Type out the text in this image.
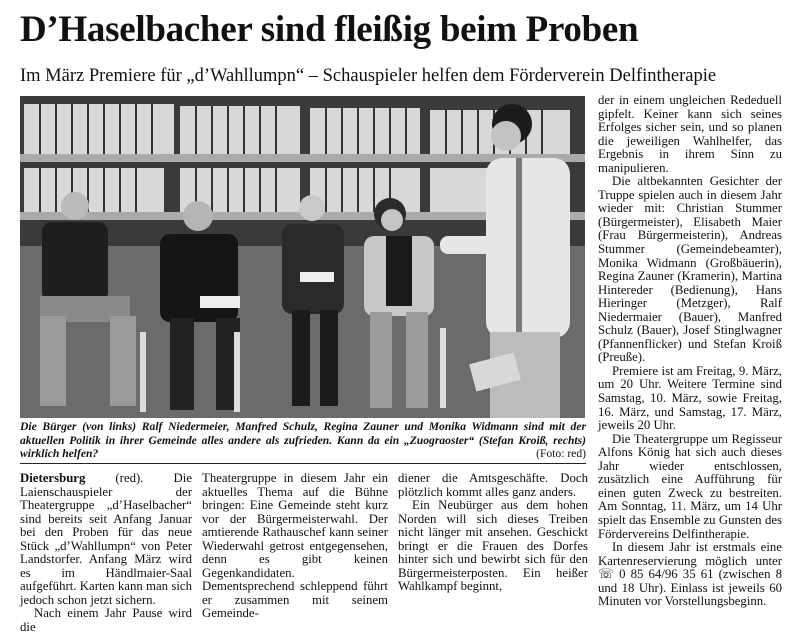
D’Haselbacher sind fleißig beim Proben
Im März Premiere für „d’Wahllumpn“ – Schauspieler helfen dem Förderverein Delfintherapie
Die Bürger (von links) Ralf Niedermeier, Manfred Schulz, Regina Zauner und Monika Widmann sind mit der aktuellen Politik in ihrer Gemeinde alles andere als zufrieden. Kann da ein „Zuograoster“ (Stefan Kroiß, rechts) wirklich helfen?	(Foto: red)

Dietersburg (red). Die Laienschauspieler der Theatergruppe „d’Haselbacher“ sind bereits seit Anfang Januar bei den Proben für das neue Stück „d’Wahllumpn“ von Peter Landstorfer. Anfang März wird es im Händlmaier-Saal aufgeführt. Karten kann man sich jedoch schon jetzt sichern.

Nach einem Jahr Pause wird die

Theatergruppe in diesem Jahr ein aktuelles Thema auf die Bühne bringen: Eine Gemeinde steht kurz vor der Bürgermeisterwahl. Der amtierende Rathauschef kann seiner Wiederwahl getrost entgegensehen, denn es gibt keinen Gegenkandidaten. Dementsprechend schleppend führt er zusammen mit seinem Gemeinde-

diener die Amtsgeschäfte. Doch plötzlich kommt alles ganz anders.

Ein Neubürger aus dem hohen Norden will sich dieses Treiben nicht länger mit ansehen. Geschickt bringt er die Frauen des Dorfes hinter sich und bewirbt sich für den Bürgermeisterposten. Ein heißer Wahlkampf beginnt,

der in einem ungleichen Rededuell gipfelt. Keiner kann sich seines Erfolges sicher sein, und so planen die jeweiligen Wahlhelfer, das Ergebnis in ihrem Sinn zu manipulieren.

Die altbekannten Gesichter der Truppe spielen auch in diesem Jahr wieder mit: Christian Stummer (Bürgermeister), Elisabeth Maier (Frau Bürgermeisterin), Andreas Stummer (Gemeindebeamter), Monika Widmann (Großbäuerin), Regina Zauner (Kramerin), Martina Hintereder (Bedienung), Hans Hieringer (Metzger), Ralf Niedermaier (Bauer), Manfred Schulz (Bauer), Josef Stinglwagner (Pfannenflicker) und Stefan Kroiß (Preuße).

Premiere ist am Freitag, 9. März, um 20 Uhr. Weitere Termine sind Samstag, 10. März, sowie Freitag, 16. März, und Samstag, 17. März, jeweils 20 Uhr.

Die Theatergruppe um Regisseur Alfons König hat sich auch dieses Jahr wieder entschlossen, zusätzlich eine Aufführung für einen guten Zweck zu bestreiten. Am Sonntag, 11. März, um 14 Uhr spielt das Ensemble zu Gunsten des Fördervereins Delfintherapie.

In diesem Jahr ist erstmals eine Kartenreservierung möglich unter ☏ 0 85 64/96 35 61 (zwischen 8 und 18 Uhr). Einlass ist jeweils 60 Minuten vor Vorstellungsbeginn.
